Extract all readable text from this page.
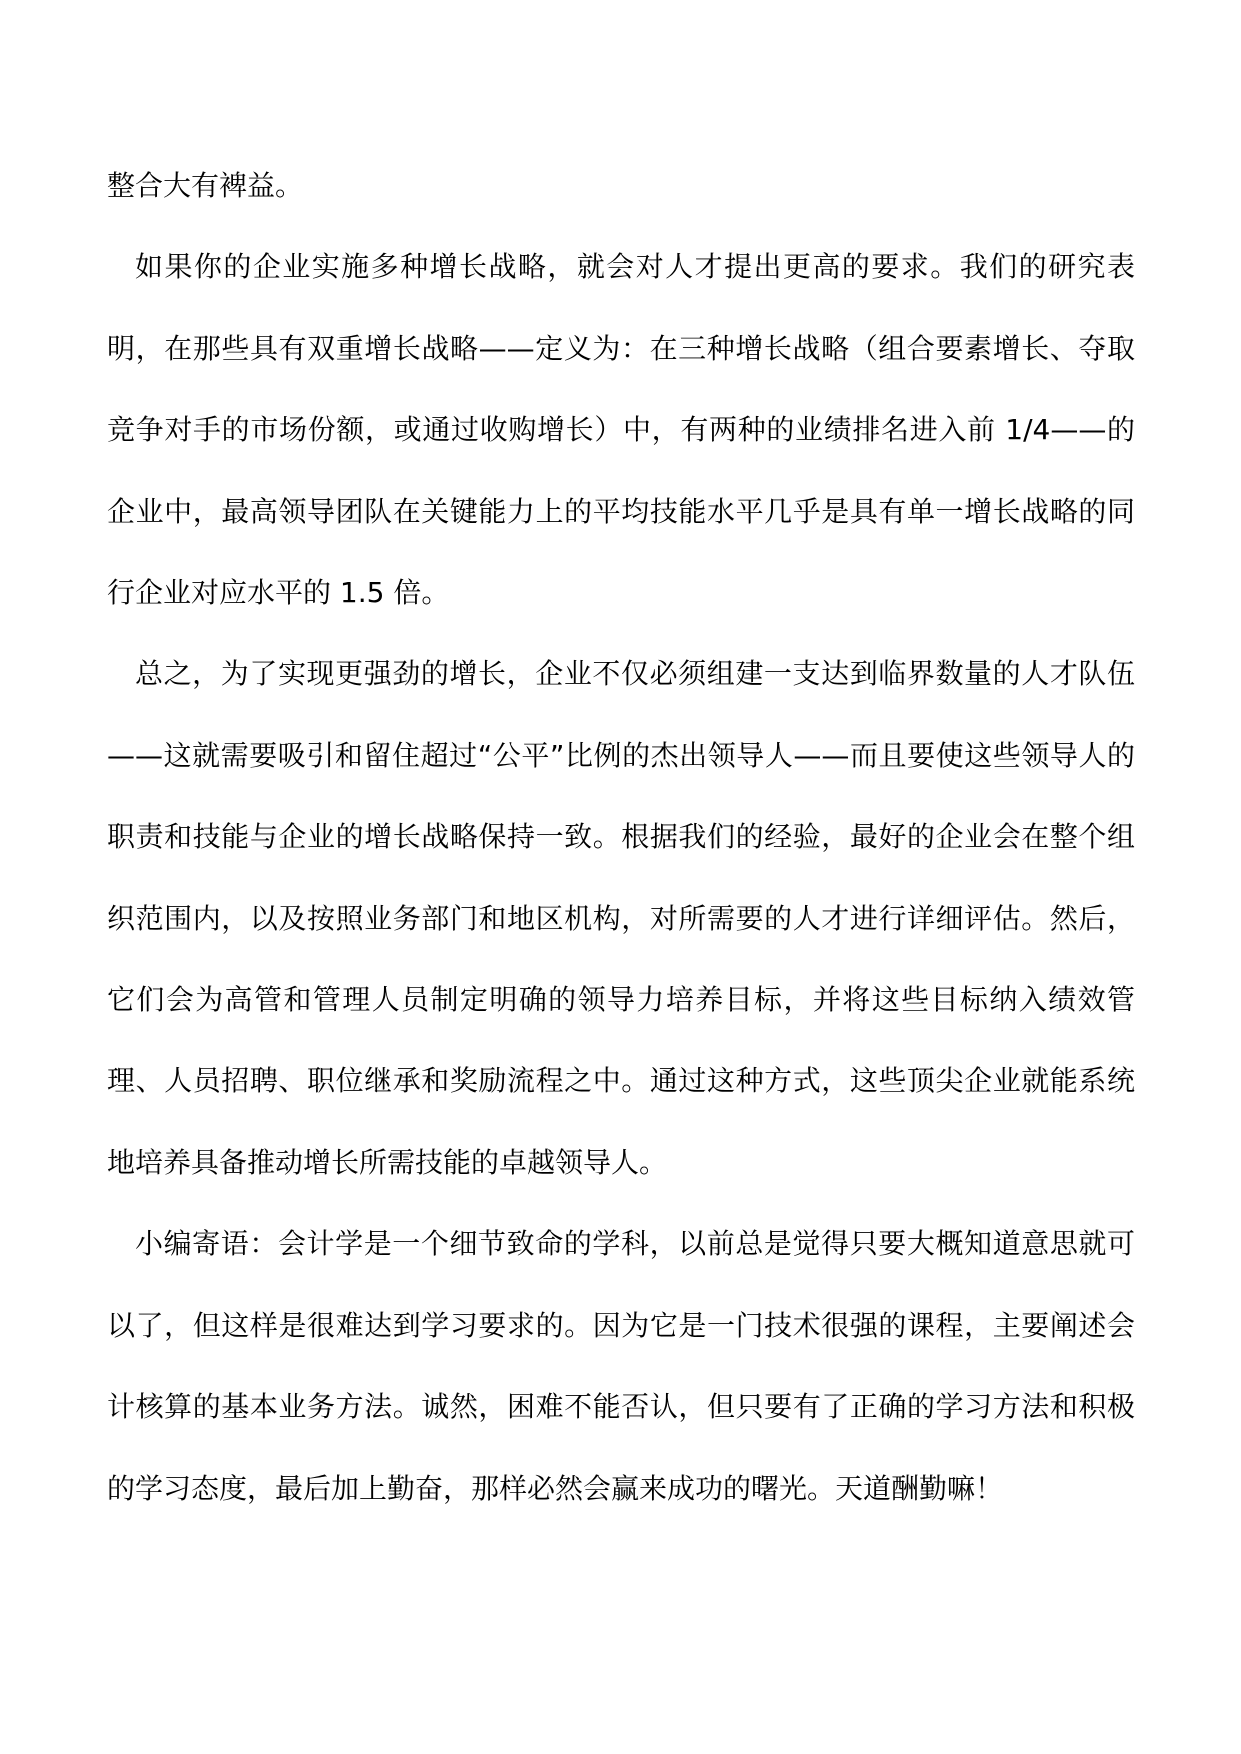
整合大有裨益。

如果你的企业实施多种增长战略，就会对人才提出更高的要求。我们的研究表明，在那些具有双重增长战略——定义为：在三种增长战略（组合要素增长、夺取竞争对手的市场份额，或通过收购增长）中，有两种的业绩排名进入前 1/4——的企业中，最高领导团队在关键能力上的平均技能水平几乎是具有单一增长战略的同行企业对应水平的 1.5 倍。

总之，为了实现更强劲的增长，企业不仅必须组建一支达到临界数量的人才队伍——这就需要吸引和留住超过“公平”比例的杰出领导人——而且要使这些领导人的职责和技能与企业的增长战略保持一致。根据我们的经验，最好的企业会在整个组织范围内，以及按照业务部门和地区机构，对所需要的人才进行详细评估。然后，它们会为高管和管理人员制定明确的领导力培养目标，并将这些目标纳入绩效管理、人员招聘、职位继承和奖励流程之中。通过这种方式，这些顶尖企业就能系统地培养具备推动增长所需技能的卓越领导人。

小编寄语：会计学是一个细节致命的学科，以前总是觉得只要大概知道意思就可以了，但这样是很难达到学习要求的。因为它是一门技术很强的课程，主要阐述会计核算的基本业务方法。诚然，困难不能否认，但只要有了正确的学习方法和积极的学习态度，最后加上勤奋，那样必然会赢来成功的曙光。天道酬勤嘛！
